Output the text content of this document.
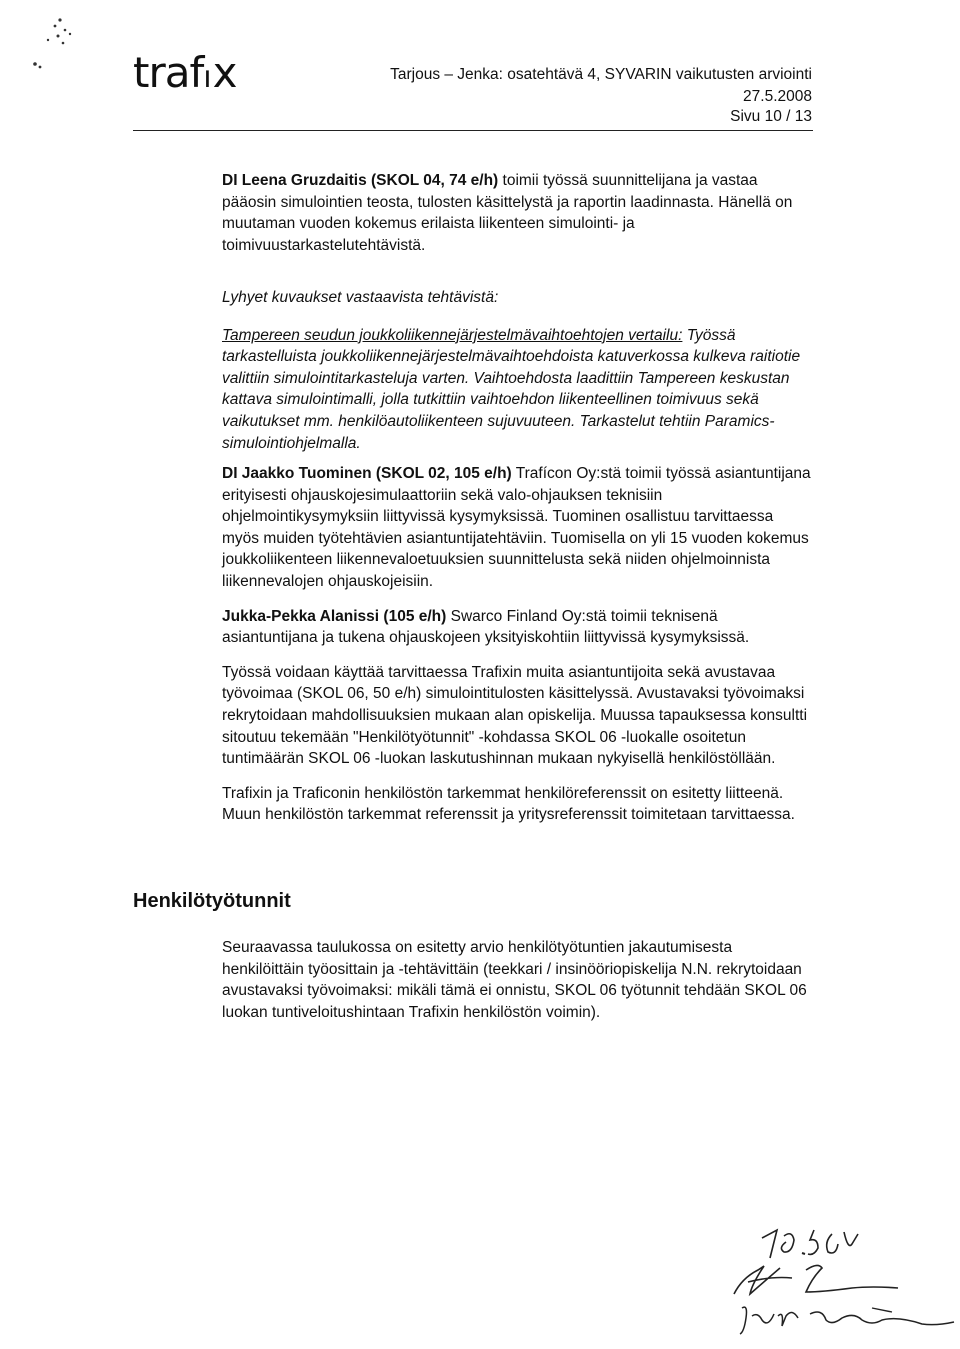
trafıx	Tarjous – Jenka: osatehtävä 4, SYVARIN vaikutusten arviointi
27.5.2008
Sivu 10 / 13

DI Leena Gruzdaitis (SKOL 04, 74 e/h) toimii työssä suunnittelijana ja vastaa pääosin simulointien teosta, tulosten käsittelystä ja raportin laadinnasta. Hänellä on muutaman vuoden kokemus erilaista liikenteen simulointi- ja toimivuustarkastelutehtävistä.

Lyhyet kuvaukset vastaavista tehtävistä:

Tampereen seudun joukkoliikennejärjestelmävaihtoehtojen vertailu: Työssä tarkastelluista joukkoliikennejärjestelmävaihtoehdoista katuverkossa kulkeva raitiotie valittiin simulointitarkasteluja varten. Vaihtoehdosta laadittiin Tampereen keskustan kattava simulointimalli, jolla tutkittiin vaihtoehdon liikenteellinen toimivuus sekä vaikutukset mm. henkilöautoliikenteen sujuvuuteen. Tarkastelut tehtiin Paramics-simulointiohjelmalla.

DI Jaakko Tuominen (SKOL 02, 105 e/h) Trafícon Oy:stä toimii työssä asiantuntijana erityisesti ohjauskojesimulaattoriin sekä valo-ohjauksen teknisiin ohjelmointikysymyksiin liittyvissä kysymyksissä. Tuominen osallistuu tarvittaessa myös muiden työtehtävien asiantuntijatehtäviin. Tuomisella on yli 15 vuoden kokemus joukkoliikenteen liikennevaloetuuksien suunnittelusta sekä niiden ohjelmoinnista liikennevalojen ohjauskojeisiin.

Jukka-Pekka Alanissi (105 e/h) Swarco Finland Oy:stä toimii teknisenä asiantuntijana ja tukena ohjauskojeen yksityiskohtiin liittyvissä kysymyksissä.

Työssä voidaan käyttää tarvittaessa Trafixin muita asiantuntijoita sekä avustavaa työvoimaa (SKOL 06, 50 e/h) simulointitulosten käsittelyssä. Avustavaksi työvoimaksi rekrytoidaan mahdollisuuksien mukaan alan opiskelija. Muussa tapauksessa konsultti sitoutuu tekemään "Henkilötyötunnit" -kohdassa SKOL 06 -luokalle osoitetun tuntimäärän SKOL 06 -luokan laskutushinnan mukaan nykyisellä henkilöstöllään.

Trafixin ja Traficonin henkilöstön tarkemmat henkilöreferenssit on esitetty liitteenä. Muun henkilöstön tarkemmat referenssit ja yritysreferenssit toimitetaan tarvittaessa.

Henkilötyötunnit

Seuraavassa taulukossa on esitetty arvio henkilötyötuntien jakautumisesta henkilöittäin työosittain ja -tehtävittäin (teekkari / insinööriopiskelija N.N. rekrytoidaan avustavaksi työvoimaksi: mikäli tämä ei onnistu, SKOL 06 työtunnit tehdään SKOL 06 luokan tuntiveloitushintaan Trafixin henkilöstön voimin).
